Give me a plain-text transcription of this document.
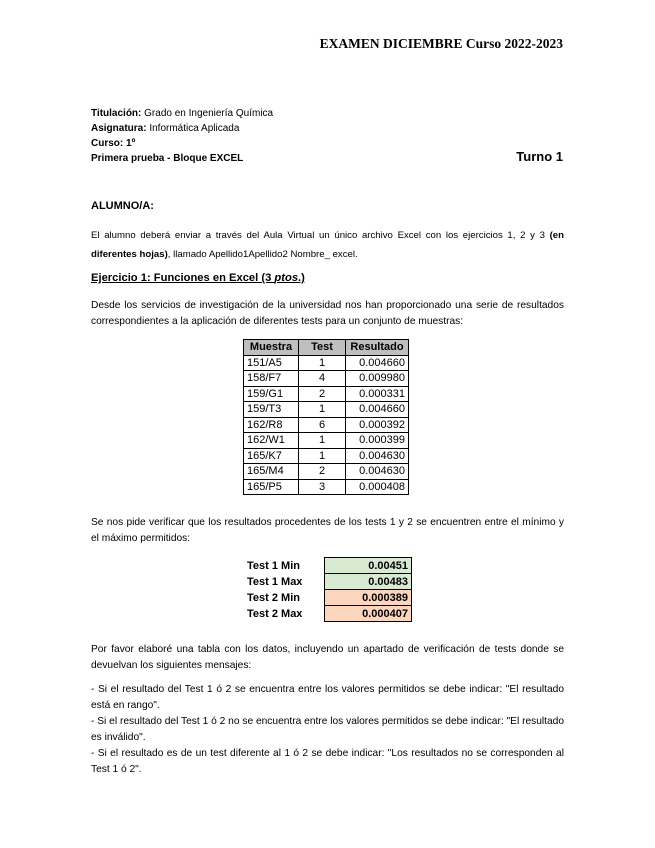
EXAMEN DICIEMBRE Curso 2022-2023
Titulación: Grado en Ingeniería Química
Asignatura: Informática Aplicada
Curso: 1º
Primera prueba - Bloque EXCEL	Turno 1
ALUMNO/A:
El alumno deberá enviar a través del Aula Virtual un único archivo Excel con los ejercicios 1, 2 y 3 (en diferentes hojas), llamado Apellido1Apellido2 Nombre_ excel.
Ejercicio 1: Funciones en Excel (3 ptos.)
Desde los servicios de investigación de la universidad nos han proporcionado una serie de resultados correspondientes a la aplicación de diferentes tests para un conjunto de muestras:
Muestra	Test	Resultado
151/A5	1	0.004660
158/F7	4	0.009980
159/G1	2	0.000331
159/T3	1	0.004660
162/R8	6	0.000392
162/W1	1	0.000399
165/K7	1	0.004630
165/M4	2	0.004630
165/P5	3	0.000408
Se nos pide verificar que los resultados procedentes de los tests 1 y 2 se encuentren entre el mínimo y el máximo permitidos:
Test 1 Min	0.00451
Test 1 Max	0.00483
Test 2 Min	0.000389
Test 2 Max	0.000407
Por favor elaboré una tabla con los datos, incluyendo un apartado de verificación de tests donde se devuelvan los siguientes mensajes:
- Si el resultado del Test 1 ó 2 se encuentra entre los valores permitidos se debe indicar: "El resultado está en rango".
- Si el resultado del Test 1 ó 2 no se encuentra entre los valores permitidos se debe indicar: "El resultado es inválido".
- Si el resultado es de un test diferente al 1 ó 2 se debe indicar: "Los resultados no se corresponden al Test 1 ó 2".
